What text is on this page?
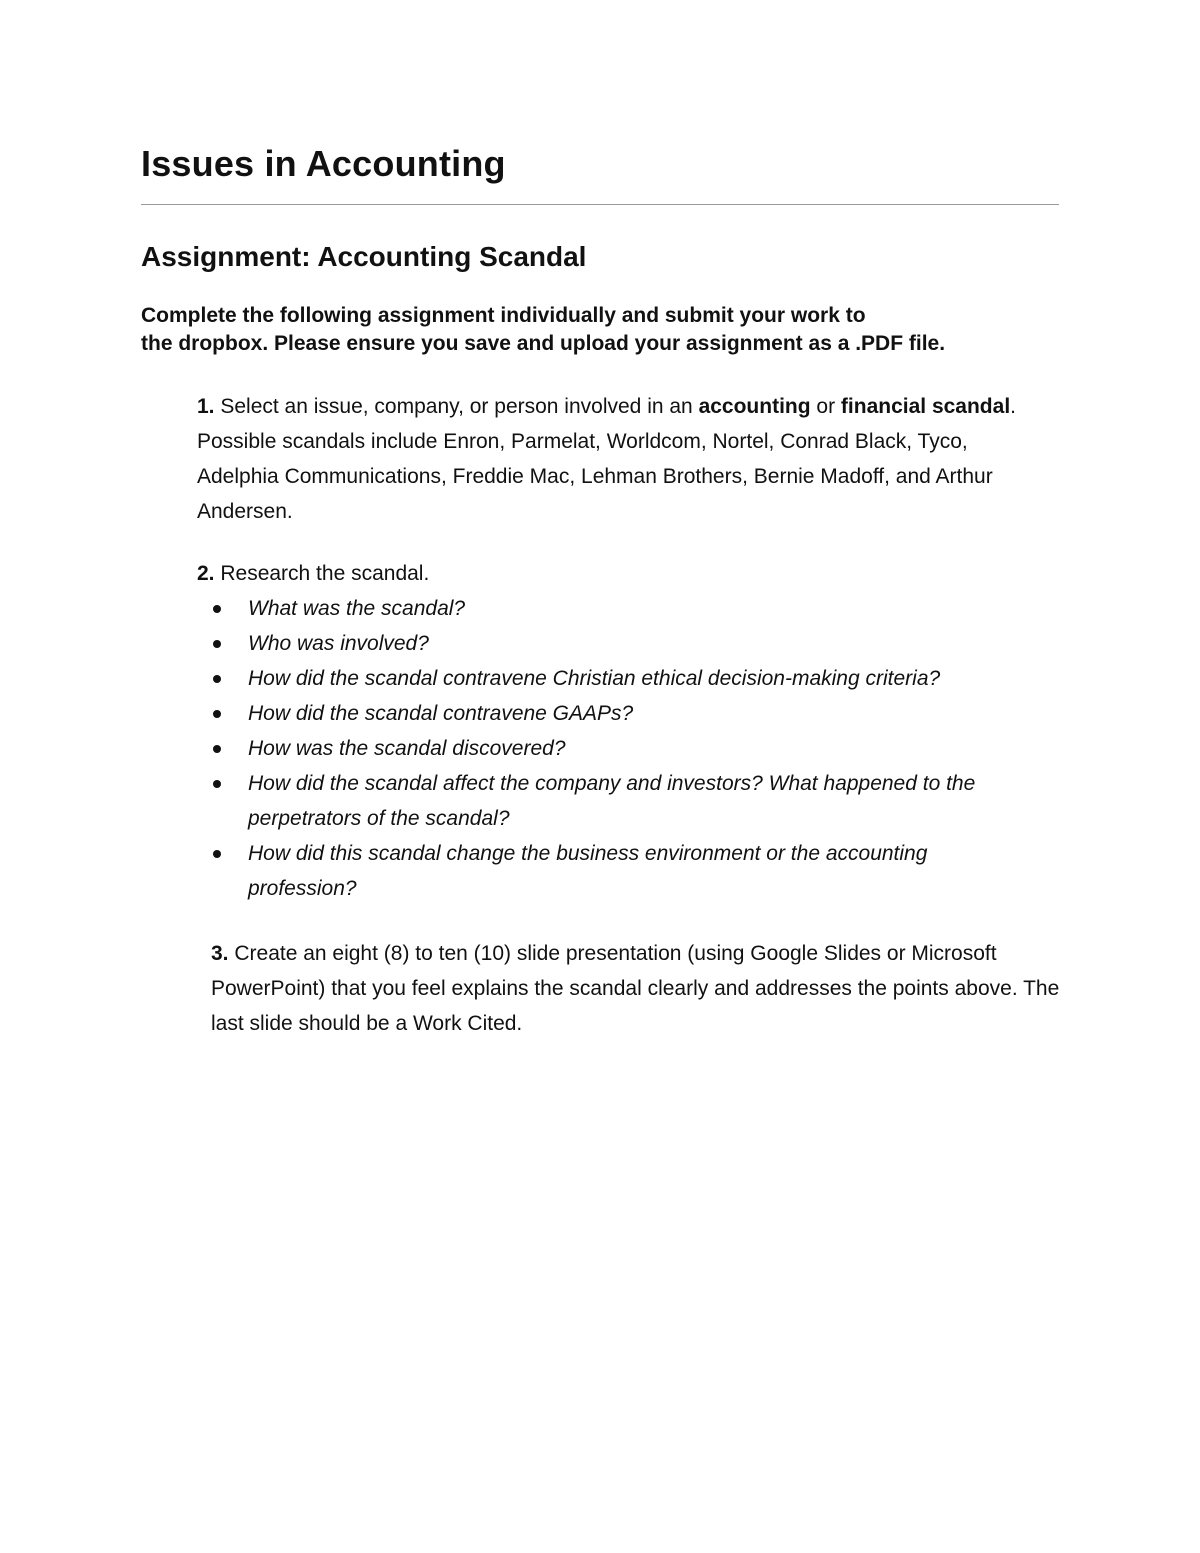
Issues in Accounting
Assignment: Accounting Scandal

Complete the following assignment individually and submit your work to
the dropbox. Please ensure you save and upload your assignment as a .PDF file.

1. Select an issue, company, or person involved in an accounting or financial scandal. Possible scandals include Enron, Parmelat, Worldcom, Nortel, Conrad Black, Tyco, Adelphia Communications, Freddie Mac, Lehman Brothers, Bernie Madoff, and Arthur Andersen.

2. Research the scandal.

What was the scandal?
Who was involved?
How did the scandal contravene Christian ethical decision-making criteria?
How did the scandal contravene GAAPs?
How was the scandal discovered?
How did the scandal affect the company and investors? What happened to the perpetrators of the scandal?
How did this scandal change the business environment or the accounting profession?

3. Create an eight (8) to ten (10) slide presentation (using Google Slides or Microsoft PowerPoint) that you feel explains the scandal clearly and addresses the points above. The last slide should be a Work Cited.
